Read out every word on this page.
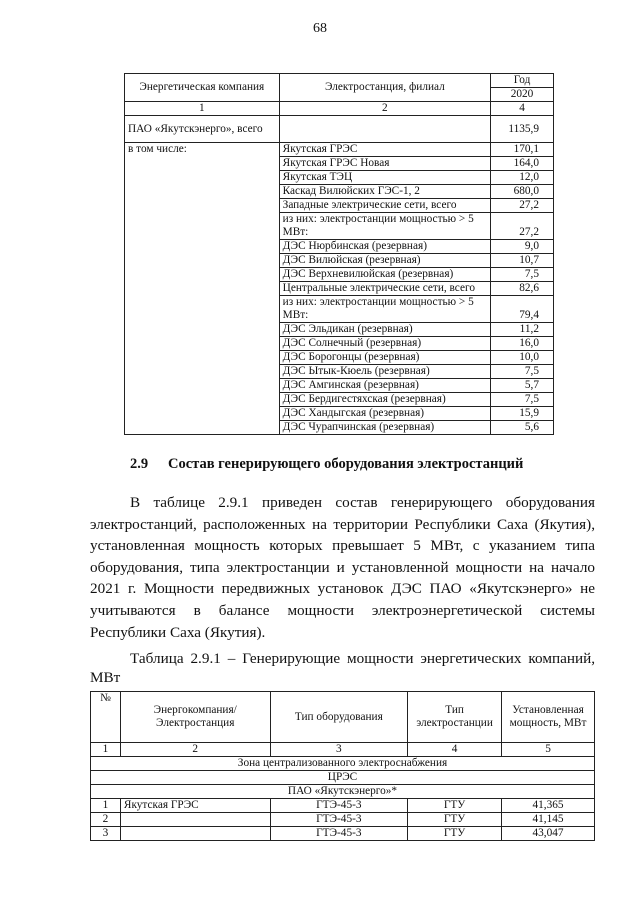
68
Энергетическая компания	Электростанция, филиал	Год
		2020
1	2	4
ПАО «Якутскэнерго», всего		1135,9
в том числе:	Якутская ГРЭС	170,1
	Якутская ГРЭС Новая	164,0
	Якутская ТЭЦ	12,0
	Каскад Вилюйских ГЭС-1, 2	680,0
	Западные электрические сети, всего	27,2
	из них: электростанции мощностью > 5 МВт:	27,2
	ДЭС Нюрбинская (резервная)	9,0
	ДЭС Вилюйская (резервная)	10,7
	ДЭС Верхневилюйская (резервная)	7,5
	Центральные электрические сети, всего	82,6
	из них: электростанции мощностью > 5 МВт:	79,4
	ДЭС Эльдикан (резервная)	11,2
	ДЭС Солнечный (резервная)	16,0
	ДЭС Борогонцы (резервная)	10,0
	ДЭС Ытык-Кюель (резервная)	7,5
	ДЭС Амгинская (резервная)	5,7
	ДЭС Бердигестяхская (резервная)	7,5
	ДЭС Хандыгская (резервная)	15,9
	ДЭС Чурапчинская (резервная)	5,6
2.9 Состав генерирующего оборудования электростанций
В таблице 2.9.1 приведен состав генерирующего оборудования электростанций, расположенных на территории Республики Саха (Якутия), установленная мощность которых превышает 5 МВт, с указанием типа оборудования, типа электростанции и установленной мощности на начало 2021 г. Мощности передвижных установок ДЭС ПАО «Якутскэнерго» не учитываются в балансе мощности электроэнергетической системы Республики Саха (Якутия).
Таблица 2.9.1 – Генерирующие мощности энергетических компаний, МВт
№	Энергокомпания/ Электростанция	Тип оборудования	Тип электростанции	Установленная мощность, МВт
1	2	3	4	5
Зона централизованного электроснабжения				
ЦРЭС				
ПАО «Якутскэнерго»*				
1	Якутская ГРЭС	ГТЭ-45-3	ГТУ	41,365
2		ГТЭ-45-3	ГТУ	41,145
3		ГТЭ-45-3	ГТУ	43,047
